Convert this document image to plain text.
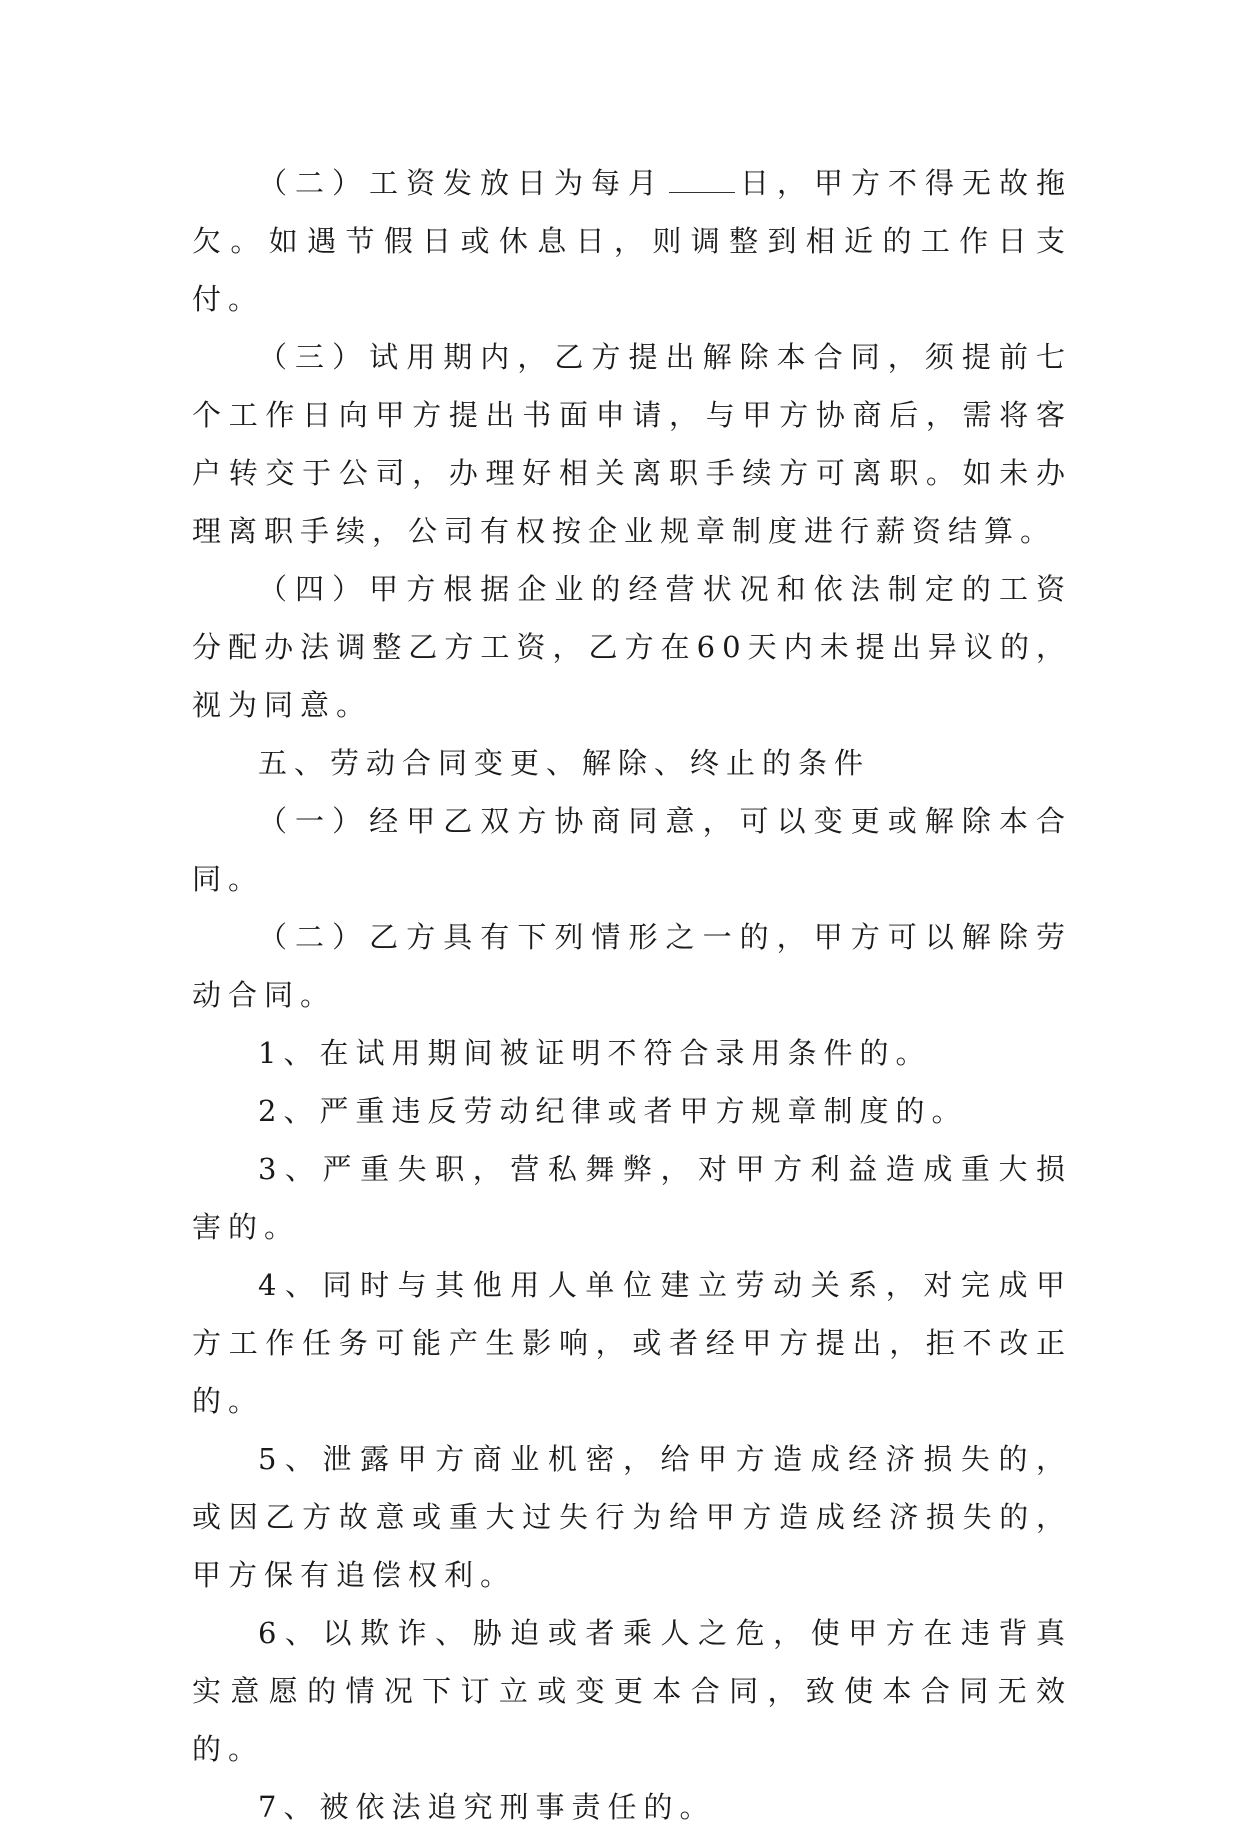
（二）工资发放日为每月	日，甲方不得无故拖欠。如遇节假日或休息日，则调整到相近的工作日支付。

（三）试用期内，乙方提出解除本合同，须提前七个工作日向甲方提出书面申请，与甲方协商后，需将客户转交于公司，办理好相关离职手续方可离职。如未办理离职手续，公司有权按企业规章制度进行薪资结算。

（四）甲方根据企业的经营状况和依法制定的工资分配办法调整乙方工资，乙方在60天内未提出异议的，视为同意。

五、劳动合同变更、解除、终止的条件

（一）经甲乙双方协商同意，可以变更或解除本合同。

（二）乙方具有下列情形之一的，甲方可以解除劳动合同。

1、在试用期间被证明不符合录用条件的。

2、严重违反劳动纪律或者甲方规章制度的。

3、严重失职，营私舞弊，对甲方利益造成重大损害的。

4、同时与其他用人单位建立劳动关系，对完成甲方工作任务可能产生影响，或者经甲方提出，拒不改正的。

5、泄露甲方商业机密，给甲方造成经济损失的，或因乙方故意或重大过失行为给甲方造成经济损失的，甲方保有追偿权利。

6、以欺诈、胁迫或者乘人之危，使甲方在违背真实意愿的情况下订立或变更本合同，致使本合同无效的。

7、被依法追究刑事责任的。
